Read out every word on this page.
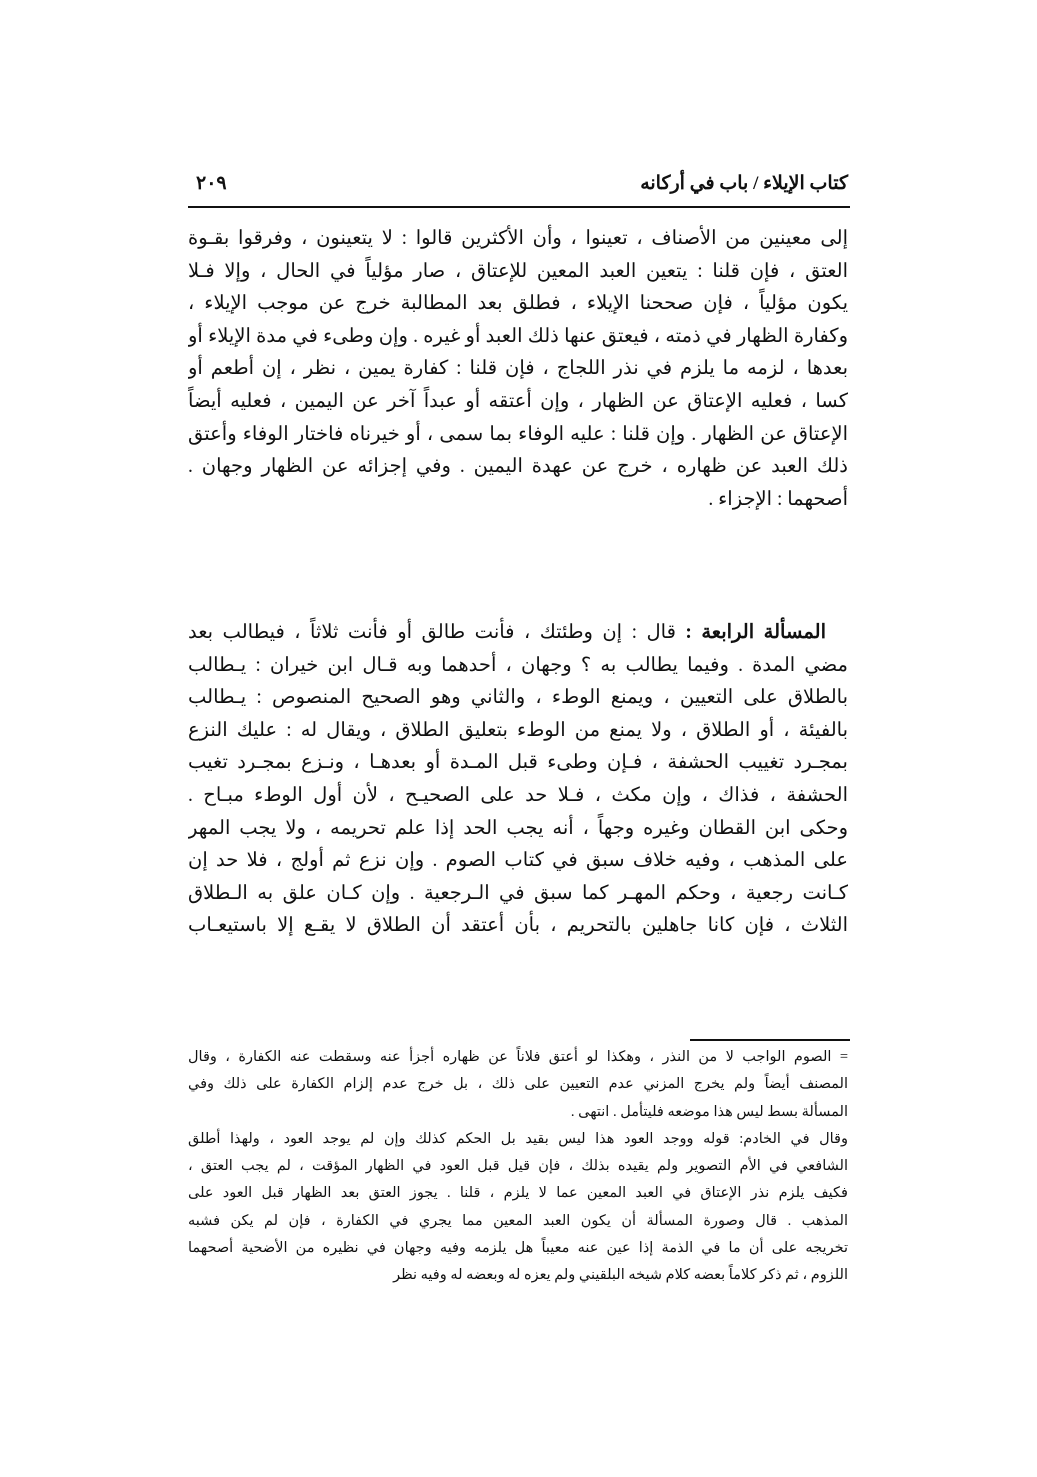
كتاب الإيلاء / باب في أركانه
٢٠٩
إلى معينين من الأصناف ، تعينوا ، وأن الأكثرين قالوا : لا يتعينون ، وفرقوا بقـوة
العتق ، فإن قلنا : يتعين العبد المعين للإعتاق ، صار مؤلياً في الحال ، وإلا فـلا
يكون مؤلياً ، فإن صححنا الإيلاء ، فطلق بعد المطالبة خرج عن موجب الإيلاء ،
وكفارة الظهار في ذمته ، فيعتق عنها ذلك العبد أو غيره . وإن وطىء في مدة الإيلاء أو
بعدها ، لزمه ما يلزم في نذر اللجاج ، فإن قلنا : كفارة يمين ، نظر ، إن أطعم أو
كسا ، فعليه الإعتاق عن الظهار ، وإن أعتقه أو عبداً آخر عن اليمين ، فعليه أيضاً
الإعتاق عن الظهار . وإن قلنا : عليه الوفاء بما سمى ، أو خيرناه فاختار الوفاء وأعتق
ذلك العبد عن ظهاره ، خرج عن عهدة اليمين . وفي إجزائه عن الظهار وجهان .
أصحهما : الإجزاء .
المسألة الرابعة : قال : إن وطئتك ، فأنت طالق أو فأنت ثلاثاً ، فيطالب بعد
مضي المدة . وفيما يطالب به ؟ وجهان ، أحدهما وبه قـال ابن خيران : يـطالب
بالطلاق على التعيين ، ويمنع الوطء ، والثاني وهو الصحيح المنصوص : يـطالب
بالفيئة ، أو الطلاق ، ولا يمنع من الوطء بتعليق الطلاق ، ويقال له : عليك النزع
بمجـرد تغييب الحشفة ، فـإن وطىء قبل المـدة أو بعدهـا ، ونـزع بمجـرد تغيب
الحشفة ، فذاك ، وإن مكث ، فـلا حد على الصحيـح ، لأن أول الوطء مبـاح .
وحكى ابن القطان وغيره وجهاً ، أنه يجب الحد إذا علم تحريمه ، ولا يجب المهر
على المذهب ، وفيه خلاف سبق في كتاب الصوم . وإن نزع ثم أولج ، فلا حد إن
كـانت رجعية ، وحكم المهـر كما سبق في الـرجعية . وإن كـان علق به الـطلاق
الثلاث ، فإن كانا جاهلين بالتحريم ، بأن أعتقد أن الطلاق لا يقـع إلا باستيعـاب
= الصوم الواجب لا من النذر ، وهكذا لو أعتق فلاناً عن ظهاره أجزأ عنه وسقطت عنه الكفارة ، وقال
المصنف أيضاً ولم يخرج المزني عدم التعيين على ذلك ، بل خرج عدم إلزام الكفارة على ذلك وفي
المسألة بسط ليس هذا موضعه فليتأمل . انتهى .
وقال في الخادم: قوله ووجد العود هذا ليس بقيد بل الحكم كذلك وإن لم يوجد العود ، ولهذا أطلق
الشافعي في الأم التصوير ولم يقيده بذلك ، فإن قيل قبل العود في الظهار المؤقت ، لم يجب العتق ،
فكيف يلزم نذر الإعتاق في العبد المعين عما لا يلزم ، قلنا . يجوز العتق بعد الظهار قبل العود على
المذهب . قال وصورة المسألة أن يكون العبد المعين مما يجري في الكفارة ، فإن لم يكن فشبه
تخريجه على أن ما في الذمة إذا عين عنه معيباً هل يلزمه وفيه وجهان في نظيره من الأضحية أصحهما
اللزوم ، ثم ذكر كلاماً بعضه كلام شيخه البلقيني ولم يعزه له وبعضه له وفيه نظر
